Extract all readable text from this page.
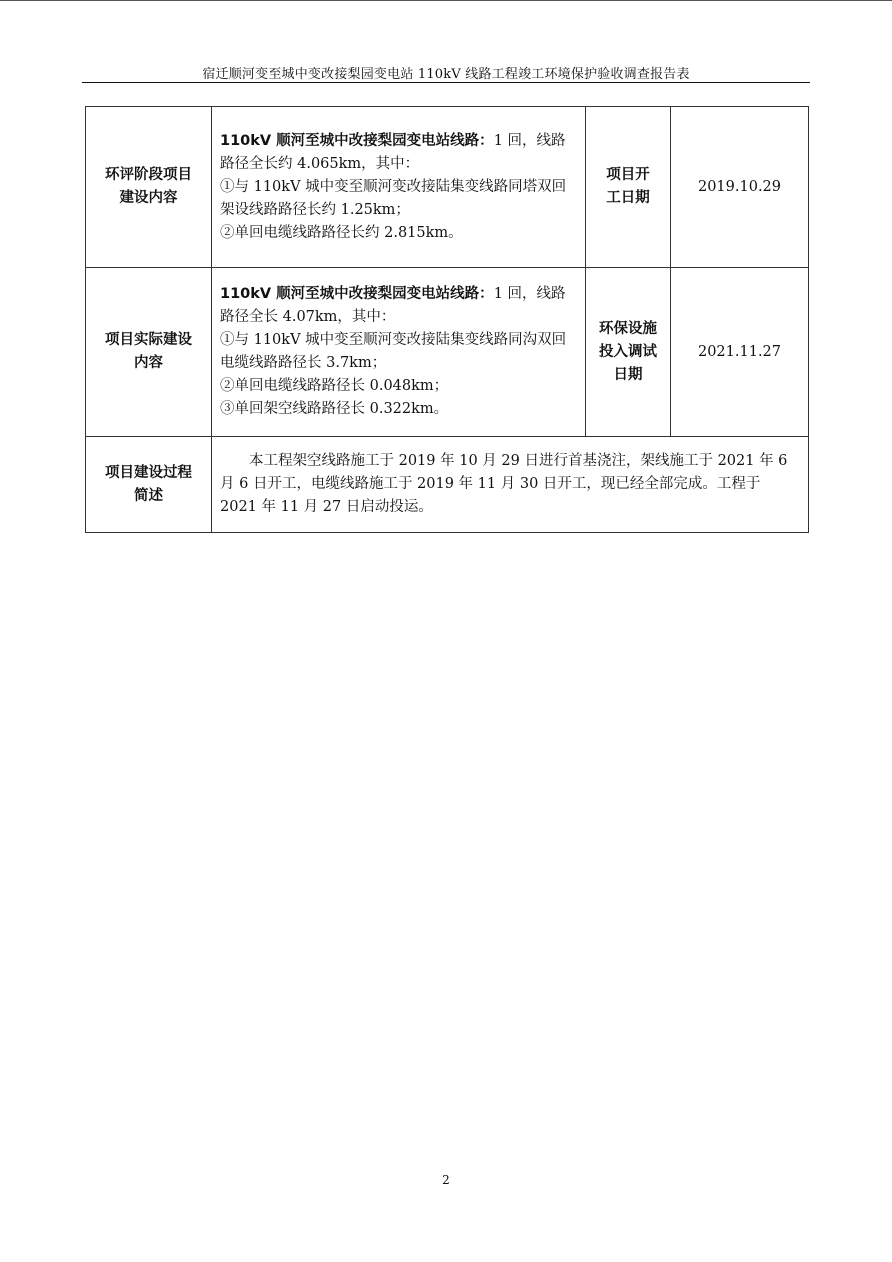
宿迁顺河变至城中变改接梨园变电站 110kV 线路工程竣工环境保护验收调查报告表
环评阶段项目建设内容	110kV 顺河至城中改接梨园变电站线路：1 回，线路路径全长约 4.065km，其中：
①与 110kV 城中变至顺河变改接陆集变线路同塔双回架设线路路径长约 1.25km；
②单回电缆线路路径长约 2.815km。	项目开工日期	2019.10.29
项目实际建设内容	110kV 顺河至城中改接梨园变电站线路：1 回，线路路径全长 4.07km，其中：
①与 110kV 城中变至顺河变改接陆集变线路同沟双回电缆线路路径长 3.7km；
②单回电缆线路路径长 0.048km；
③单回架空线路路径长 0.322km。	环保设施投入调试日期	2021.11.27
项目建设过程简述	本工程架空线路施工于 2019 年 10 月 29 日进行首基浇注，架线施工于 2021 年 6 月 6 日开工，电缆线路施工于 2019 年 11 月 30 日开工，现已经全部完成。工程于 2021 年 11 月 27 日启动投运。		
2
